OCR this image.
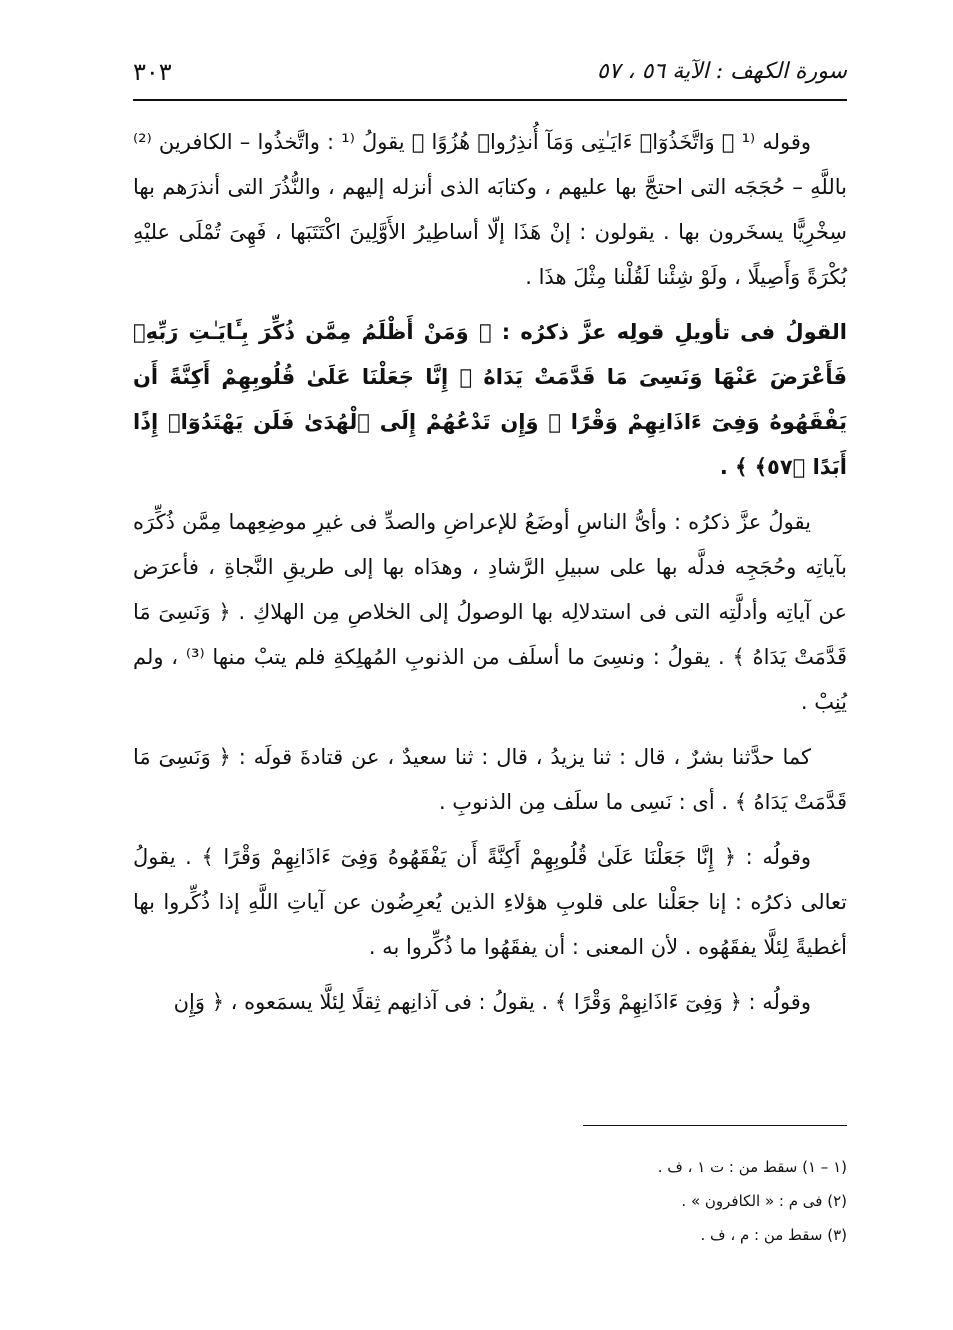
سورة الكهف : الآية ٥٦ ، ٥٧
٣٠٣

وقوله ⁽¹ ﴿ وَاتَّخَذُوٓا۟ ءَايَـٰتِى وَمَآ أُنذِرُوا۟ هُزُوًا ﴾ يقولُ ⁽¹ : واتَّخذُوا – الكافرين ⁽²⁾ باللَّهِ – حُجَجَه التى احتجَّ بها عليهم ، وكتابَه الذى أنزله إليهم ، والنُّذُرَ التى أنذرَهم بها سِخْرِيًّا يسخَرون بها . يقولون : إنْ هَذَا إلّا أساطِيرُ الأَوَّلِينَ اكْتَتَبَها ، فَهِىَ تُمْلَى عليْهِ بُكْرَةً وَأَصِيلًا ، ولَوْ شِئْنا لَقُلْنا مِثْلَ هذَا .

القولُ فى تأويلِ قولِه عزَّ ذكرُه : ﴿ وَمَنْ أَظْلَمُ مِمَّن ذُكِّرَ بِـَٔايَـٰتِ رَبِّهِۦ فَأَعْرَضَ عَنْهَا وَنَسِىَ مَا قَدَّمَتْ يَدَاهُ ۚ إِنَّا جَعَلْنَا عَلَىٰ قُلُوبِهِمْ أَكِنَّةً أَن يَفْقَهُوهُ وَفِىٓ ءَاذَانِهِمْ وَقْرًا ۖ وَإِن تَدْعُهُمْ إِلَى ٱلْهُدَىٰ فَلَن يَهْتَدُوٓا۟ إِذًا أَبَدًا ﴿٥٧﴾ ﴾ .

يقولُ عزَّ ذكرُه : وأىُّ الناسِ أوضَعُ للإعراضِ والصدِّ فى غيرِ موضِعِهما مِمَّن ذُكِّرَه بآياتِه وحُجَجِه فدلَّه بها على سبيلِ الرَّشادِ ، وهدَاه بها إلى طريقِ النَّجاةِ ، فأعرَض عن آياتِه وأدلَّتِه التى فى استدلالِه بها الوصولُ إلى الخلاصِ مِن الهلاكِ . ﴿ وَنَسِىَ مَا قَدَّمَتْ يَدَاهُ ﴾ . يقولُ : ونسِىَ ما أسلَف من الذنوبِ المُهلِكةِ فلم يتبْ منها ⁽³⁾ ، ولم يُنِبْ .

كما حدَّثنا بشرٌ ، قال : ثنا يزيدُ ، قال : ثنا سعيدٌ ، عن قتادةَ قولَه : ﴿ وَنَسِىَ مَا قَدَّمَتْ يَدَاهُ ﴾ . أى : نَسِى ما سلَف مِن الذنوبِ .

وقولُه : ﴿ إِنَّا جَعَلْنَا عَلَىٰ قُلُوبِهِمْ أَكِنَّةً أَن يَفْقَهُوهُ وَفِىٓ ءَاذَانِهِمْ وَقْرًا ﴾ . يقولُ تعالى ذكرُه : إنا جعَلْنا على قلوبِ هؤلاءِ الذين يُعرِضُون عن آياتِ اللَّهِ إذا ذُكِّروا بها أغطيةً لِئلَّا يفقَهُوه . لأن المعنى : أن يفقَهُوا ما ذُكِّروا به .

وقولُه : ﴿ وَفِىٓ ءَاذَانِهِمْ وَقْرًا ﴾ . يقولُ : فى آذانِهم ثِقلًا لِئلَّا يسمَعوه ، ﴿ وَإِن

(١ – ١) سقط من : ت ١ ، ف .
(٢) فى م : « الكافرون » .
(٣) سقط من : م ، ف .
